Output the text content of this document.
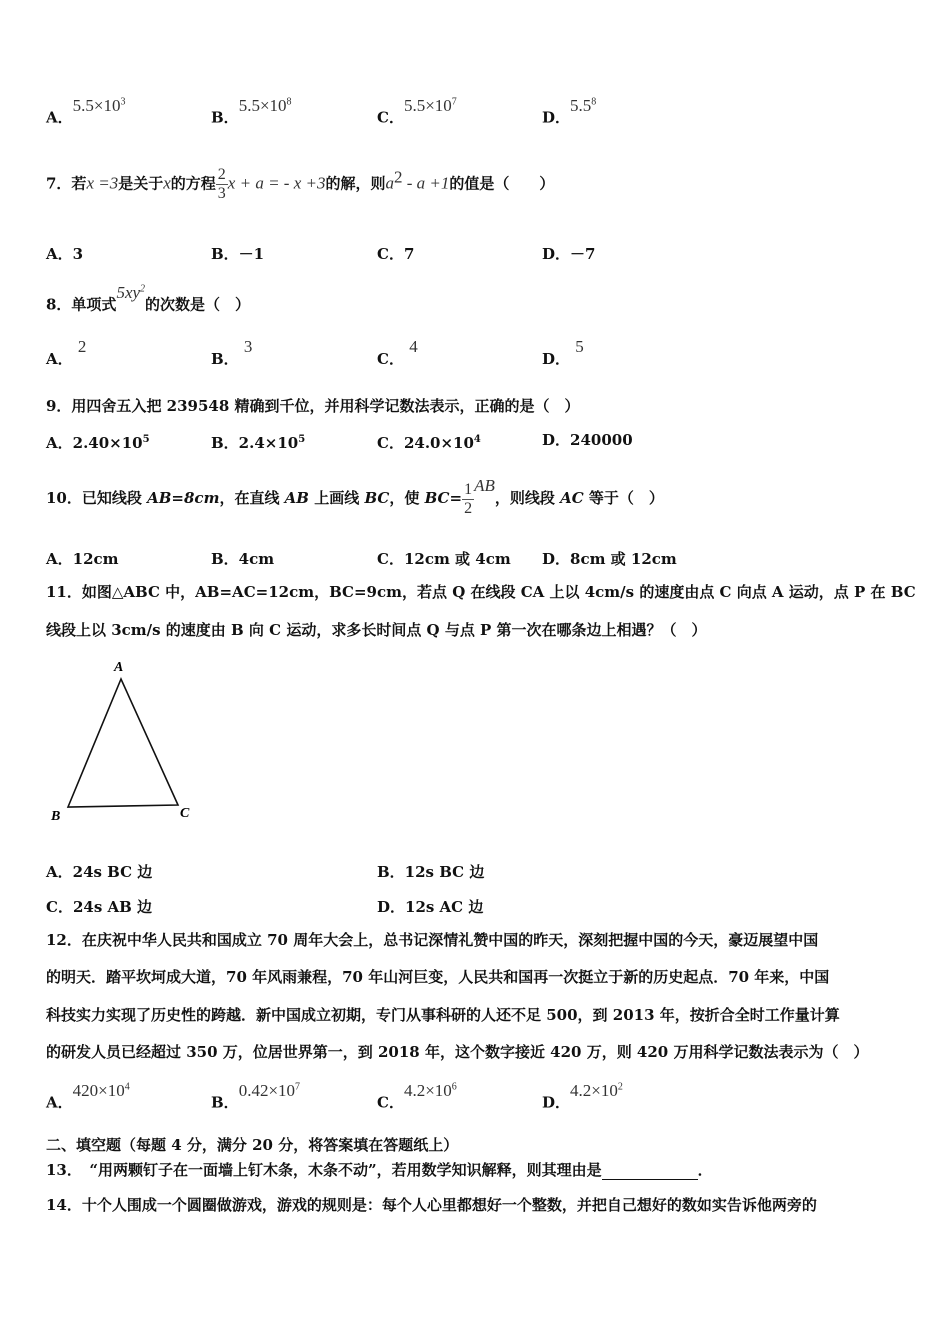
A．$5.5\times 10^3$
B．$5.5\times 10^8$
C．$5.5\times 10^7$
D．$5.5^8$
7．若x =3是关于x的方程 $\frac{2}{3}$ x + a = - x +3的解，则$a^2 - a +1$的值是（　　）
A．3	B．－1	C．7	D．－7
8．单项式$5xy^2$的次数是（　）
A． 2
B． 3
C． 4
D． 5
9．用四舍五入把 239548 精确到千位，并用科学记数法表示，正确的是（　）
A．$2.40\times 10^5$	B．$2.4\times 10^5$	C．$24.0\times 10^4$	D．240000
10．已知线段 AB=8cm，在直线 AB 上画线 BC，使 $BC= \frac{1}{2}$ AB，则线段 AC 等于（　）
A．12cm	B．4cm	C．12cm 或 4cm D．8cm 或 12cm
11．如图△ABC 中，AB=AC=12cm，BC=9cm，若点 Q 在线段 CA 上以 4cm/s 的速度由点 C 向点 A 运动，点 P 在 BC
线段上以 3cm/s 的速度由 B 向 C 运动，求多长时间点 Q 与点 P 第一次在哪条边上相遇？（　）
A
B	C
A．24s BC 边	B．12s BC 边
C．24s AB 边	D．12s AC 边
12．在庆祝中华人民共和国成立 70 周年大会上，总书记深情礼赞中国的昨天，深刻把握中国的今天，豪迈展望中国
的明天．踏平坎坷成大道，70 年风雨兼程，70 年山河巨变，人民共和国再一次挺立于新的历史起点．70 年来，中国
科技实力实现了历史性的跨越．新中国成立初期，专门从事科研的人还不足 500，到 2013 年，按折合全时工作量计算
的研发人员已经超过 350 万，位居世界第一，到 2018 年，这个数字接近 420 万，则 420 万用科学记数法表示为（　）
A．$420\times 10^4$
B．$0.42\times 10^7$
C．$4.2\times 10^6$
D．$4.2\times 10^2$
二、填空题（每题 4 分，满分 20 分，将答案填在答题纸上）
13．　“用两颗钉子在一面墙上钉木条，木条不动”，若用数学知识解释，则其理由是	．
14．十个人围成一个圆圈做游戏，游戏的规则是：每个人心里都想好一个整数，并把自己想好的数如实告诉他两旁的
